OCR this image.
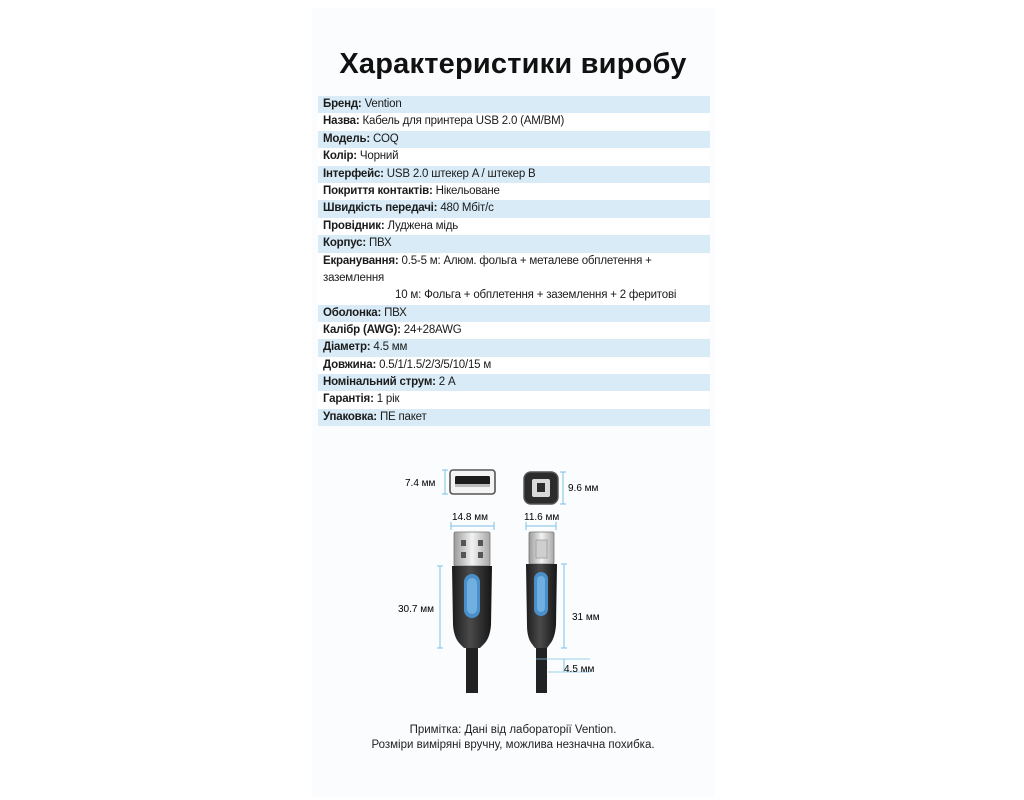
Характеристики виробу
Бренд: Vention
Назва: Кабель для принтера USB 2.0 (AM/BM)
Модель: COQ
Колір: Чорний
Інтерфейс: USB 2.0 штекер A / штекер B
Покриття контактів: Нікельоване
Швидкість передачі: 480 Мбіт/с
Провідник: Луджена мідь
Корпус: ПВХ
Екранування: 0.5-5 м: Алюм. фольга + металеве обплетення + заземлення
10 м: Фольга + обплетення + заземлення + 2 феритові
Оболонка: ПВХ
Калібр (AWG): 24+28AWG
Діаметр: 4.5 мм
Довжина: 0.5/1/1.5/2/3/5/10/15 м
Номінальний струм: 2 A
Гарантія: 1 рік
Упаковка: ПЕ пакет
7.4 мм	9.6 мм
14.8 мм	11.6 мм
30.7 мм
31 мм
4.5 мм
Примітка: Дані від лабораторії Vention.
Розміри виміряні вручну, можлива незначна похибка.
